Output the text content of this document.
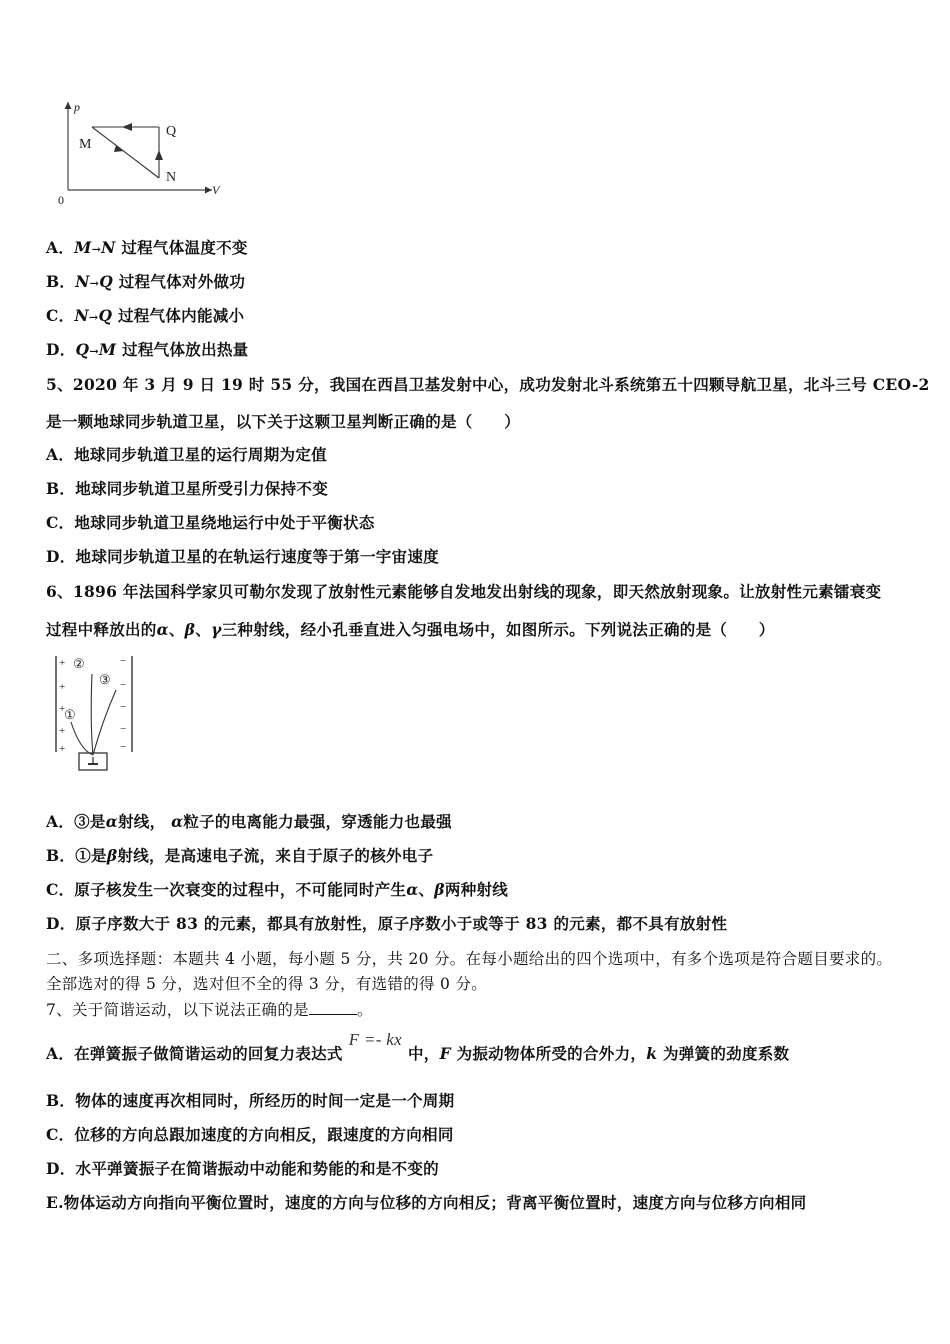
p
V
0
M
Q
N
A．M→N 过程气体温度不变
B．N→Q 过程气体对外做功
C．N→Q 过程气体内能减小
D．Q→M 过程气体放出热量
5、2020 年 3 月 9 日 19 时 55 分，我国在西昌卫基发射中心，成功发射北斗系统第五十四颗导航卫星，北斗三号 CEO-2
是一颗地球同步轨道卫星，以下关于这颗卫星判断正确的是（　　）
A．地球同步轨道卫星的运行周期为定值
B．地球同步轨道卫星所受引力保持不变
C．地球同步轨道卫星绕地运行中处于平衡状态
D．地球同步轨道卫星的在轨运行速度等于第一宇宙速度
6、1896 年法国科学家贝可勒尔发现了放射性元素能够自发地发出射线的现象，即天然放射现象。让放射性元素镭衰变
过程中释放出的α、β、γ三种射线，经小孔垂直进入匀强电场中，如图所示。下列说法正确的是（　　）
+
+
+
+
+
−
−
−
−
−
①
②
③
A．③是α射线， α粒子的电离能力最强，穿透能力也最强
B．①是β射线，是高速电子流，来自于原子的核外电子
C．原子核发生一次衰变的过程中，不可能同时产生α、β两种射线
D．原子序数大于 83 的元素，都具有放射性，原子序数小于或等于 83 的元素，都不具有放射性
二、多项选择题：本题共 4 小题，每小题 5 分，共 20 分。在每小题给出的四个选项中，有多个选项是符合题目要求的。
全部选对的得 5 分，选对但不全的得 3 分，有选错的得 0 分。
7、关于简谐运动，以下说法正确的是	。
A．在弹簧振子做简谐运动的回复力表达式F =- kx中，F 为振动物体所受的合外力，k 为弹簧的劲度系数
B．物体的速度再次相同时，所经历的时间一定是一个周期
C．位移的方向总跟加速度的方向相反，跟速度的方向相同
D．水平弹簧振子在简谐振动中动能和势能的和是不变的
E.物体运动方向指向平衡位置时，速度的方向与位移的方向相反；背离平衡位置时，速度方向与位移方向相同
